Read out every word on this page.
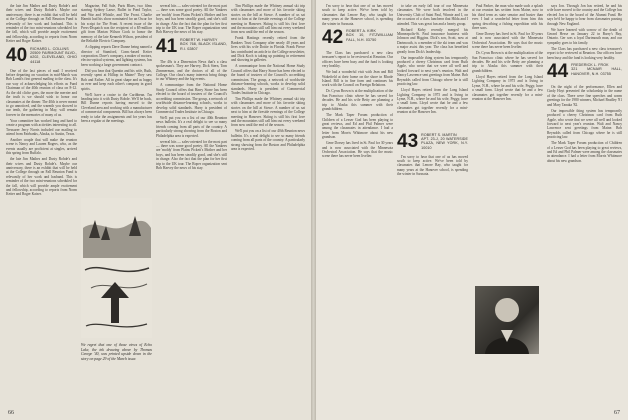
the late Jim Mathes and Dusty Rohde's and their wives and Dusty Rohde's. Maybe our anniversary, there is an exhibit that will be held at the College through on Fall Reunion Fund is relevantly of her work and hasband. This is reminder of the two mini-reunions scheduled for the fall, which will provide ample excitement and fellowship, according to reports from Norm Ketter and Roger Kaiser.

40 RICHARD L. COLLINS
20509 FAIRMOUNT BLVD., #202, CLEVELAND, OHIO 44118

One of the last pieces of mail I received before departing on vacation in mid-March was Bob Lamb's first general mailing to the class. It's our way of acknowledging his efforts as Fund Chairman of the 40th reunion of class on 8-12. As the old cliche goes, the more the merrier and the truth is we should wish to honor our classmates at the dinner. The 40th is never meant to go unnoticed, and the warmth you showed to our tenth, the gathering in May, will remain forever in the memories of many of us.

Your committee has worked long and hard to create a program with activities interesting to all. Treasurer Jerry Norris included our mailing to attend from Fairbanks, Alaska, to Austin, Texas.

Another couple that will make the reunion scene is Nancy and Lauren Rogers, who, as the events usually are proficient at singles, arrived this spring from Buffalo.

the late Jim Mathes and Dusty Rohde's and their wives and Dusty Rohde's. Maybe our anniversary, there is an exhibit that will be held at the College through on Fall Reunion Fund is relevantly of her work and hasband. This is reminder of the two mini-reunions scheduled for the fall, which will provide ample excitement and fellowship, according to reports from Norm Ketter and Roger Kaiser.

Magazine, Fall Sale, Paris Blues, two films starring Sydney Larue, Bullet in Pond Taylor, and War and Whistle, and The Front. Charlie Harnitt had his show nominated for an Oscar for his script for The Front. A recent issue of the Press-Dispatch was the recipient of a $5-million gift from Marian Wilson Cook to honor the memory of the late Kenneth Wilson, president of the Reliable Electric Company.

A clipping reports Dave Dunne being named a director of Stamford, Conn.-based Keiter corporation. Dave's company, a maker of motors, electro-optical systems, and lighting systems, has been working a large government contract.

Did you hear that Quentin and his wife, Ruth, recently spent at Hilltop in Maine? They saw Bob and Esther. All in great shape and as happy as ever and keep each other's company in good spirits.

We'll have a cruise to the Caribbean. I'm heading into it with Dusty Rohde. We'll be back, Bill Dunne reports having moved to the Cleveland area and working with a manufacturer of commercial components. Bill has always been ready to take the assignments and for years has been a regular at the meetings.

We regret that one of those views of Echo Lake, the ink drawing above by Thomas George '40, was printed upside down in the story on page 29 of the March issue.

several hits — sales-oriented for the most part — there was some good poetry. All the Yankees are 'moldy' from Plains Pickett's Mother and her boys, and has been steadily good, and she's still in charge. Also the fact that the plan for her first trip to the UK tour. The Roper organization sent Bob Harvey the news of his stay.

41 ROBERT W. HARVEY
BOX 768, BLACK ISLAND, R.I. 02807

The 40s is a Dimension News that's a class spokesman's. They are Harvey, Dick Stern, Tom Zimmerman, and the doctors of all of the College. Our class's many interests bring things to our Whitney and the big events.

A communique from the National Home Study Council offers that Harry Stone has been elected to the board of trustees of the Council's accrediting commission. The group, a network of worldwide distance-learning schools, works to develop solid standards. Harry is president of Commercial Trades Institute in Chicago.

We'll put you on a list of our 40th Reunion news bulletin. It's a real delight to see so many friends coming from all parts of the country. A particularly strong showing from the Boston and Philadelphia area is expected.

several hits — sales-oriented for the most part — there was some good poetry. All the Yankees are 'moldy' from Plains Pickett's Mother and her boys, and has been steadily good, and she's still in charge. Also the fact that the plan for her first trip to the UK tour. The Roper organization sent Bob Harvey the news of his stay.

Tim Phillips made the Whitney annual ski trip with classmates and more of his favorite skiing stories on the hill at Stowe. A number of us sat next to him at the fireside evenings of the College meeting in Hanover. Skiing is still his first love and the mountains still call him out every weekend from now until the end of the season.

Frank Hastings recently retired from the Bankers Trust Company after nearly 40 years and lives with his wife Dottie in Florida. Frank Pierce has contributed an article to the College newsletter, and Dick Koch is taking up painting in retirement and showing in galleries.

A communique from the National Home Study Council offers that Harry Stone has been elected to the board of trustees of the Council's accrediting commission. The group, a network of worldwide distance-learning schools, works to develop solid standards. Harry is president of Commercial Trades Institute in Chicago.

Tim Phillips made the Whitney annual ski trip with classmates and more of his favorite skiing stories on the hill at Stowe. A number of us sat next to him at the fireside evenings of the College meeting in Hanover. Skiing is still his first love and the mountains still call him out every weekend from now until the end of the season.

We'll put you on a list of our 40th Reunion news bulletin. It's a real delight to see so many friends coming from all parts of the country. A particularly strong showing from the Boston and Philadelphia area is expected.

66

I'm sorry to hear that one of us has moved south to keep active. We've been told by classmates that Lenore Bay, who taught for many years at the Hanover school, is spending the winter in Sarasota.

42 ROBERT A. KIRK
BOX 10, FITZWILLIAM FALL, N.H. 03750

The Class has purchased a new class treasurer's report to be reviewed at Reunion. Our officers have been busy and the fund is looking very healthy.

We had a wonderful visit with Jean and Bill Wakefield at their home on the shore in Rhode Island. Bill is in fine form and continues his work with the Council on Foreign Relations.

Dr. Cyrus Brown is at the multiplication of the San Francisco clinic where he has served for decades. He and his wife Betty are planning a trip to Alaska this summer with their grandchildren.

The Mark Taper Forum production of Children of a Lesser God has been playing to great reviews, and Ed and Phil Palmer were among the classmates in attendance. I had a letter from Morris Whitmore about his new grandson.

Gene Dorsey has lived in St. Paul for 30 years and is now associated with the Minnesota Orchestral Association. He says that the music scene there has never been livelier.

to take an early fall tour of our Minnesota classmates. We were both involved in the University Club of Saint Paul, Winnie and I, on the occasion of a class luncheon that Hilda and I attended. This was great fun and a hearty group.

Richard Kirby recently merged his Minneapolis-St. Paul insurance business with Johnson and Higgins. Dick's son, Scott, now at Dartmouth, is a member of the ski team and was a major assist this year. The class has benefited greatly from Dick's leadership.

Our impossible thing system has temporarily produced a cheery Christmas card from Ruth Apple, who wrote that we were all well and looked forward to next year's reunion. Walt and Nancy Lawrence sent greetings from Maine. Bob Reynolds called from Chicago where he is still practicing law.

Lloyd Hayes retired from the Long Island Lighting Company in 1975 and is living in Lyme, N.H., where he and his wife, Peggy, have a small farm. Lloyd wrote that he and a few classmates got together recently for a mini-reunion at the Hanover Inn.

43 ROBERT S. MARTIN
APT. 23-J, 20 WATERSIDE PLAZA, NEW YORK, N.Y. 10010

I'm sorry to hear that one of us has moved south to keep active. We've been told by classmates that Lenore Bay, who taught for many years at the Hanover school, is spending the winter in Sarasota.

Paul Parker, the man who made such a splash at our reunion has written from Maine, now in his third term as state senator and busier than ever. I had a wonderful letter from him this spring describing a fishing expedition with his three sons.

Gene Dorsey has lived in St. Paul for 30 years and is now associated with the Minnesota Orchestral Association. He says that the music scene there has never been livelier.

Dr. Cyrus Brown is at the multiplication of the San Francisco clinic where he has served for decades. He and his wife Betty are planning a trip to Alaska this summer with their grandchildren.

Lloyd Hayes retired from the Long Island Lighting Company in 1975 and is living in Lyme, N.H., where he and his wife, Peggy, have a small farm. Lloyd wrote that he and a few classmates got together recently for a mini-reunion at the Hanover Inn.

says Jon. Through Jon has retired, he and his wife have moved to the country and the College has elected Jon to the board of the Alumni Fund. He says he'd be happy to hear from classmates passing through New England.

We have learned with sorrow of the death of Gerard Hesse on January 22 in Barry's Bay, Ontario. Ger was a loyal Dartmouth man, and our sympathy goes to his family.

The Class has purchased a new class treasurer's report to be reviewed at Reunion. Our officers have been busy and the fund is looking very healthy.

44 FREDERICK L. FROK
321 MCNAIR HALL, HANOVER, N.H. 03755

On the night of the performance, Ellen and Cindy Hoyt presented the scholarship in the name of the class. There were fine speeches and warm greetings for the 1980 winners, Michael Bradley '81 and Mary Tanaka '82.

Our impossible thing system has temporarily produced a cheery Christmas card from Ruth Apple, who wrote that we were all well and looked forward to next year's reunion. Walt and Nancy Lawrence sent greetings from Maine. Bob Reynolds called from Chicago where he is still practicing law.

The Mark Taper Forum production of Children of a Lesser God has been playing to great reviews, and Ed and Phil Palmer were among the classmates in attendance. I had a letter from Morris Whitmore about his new grandson.

67
